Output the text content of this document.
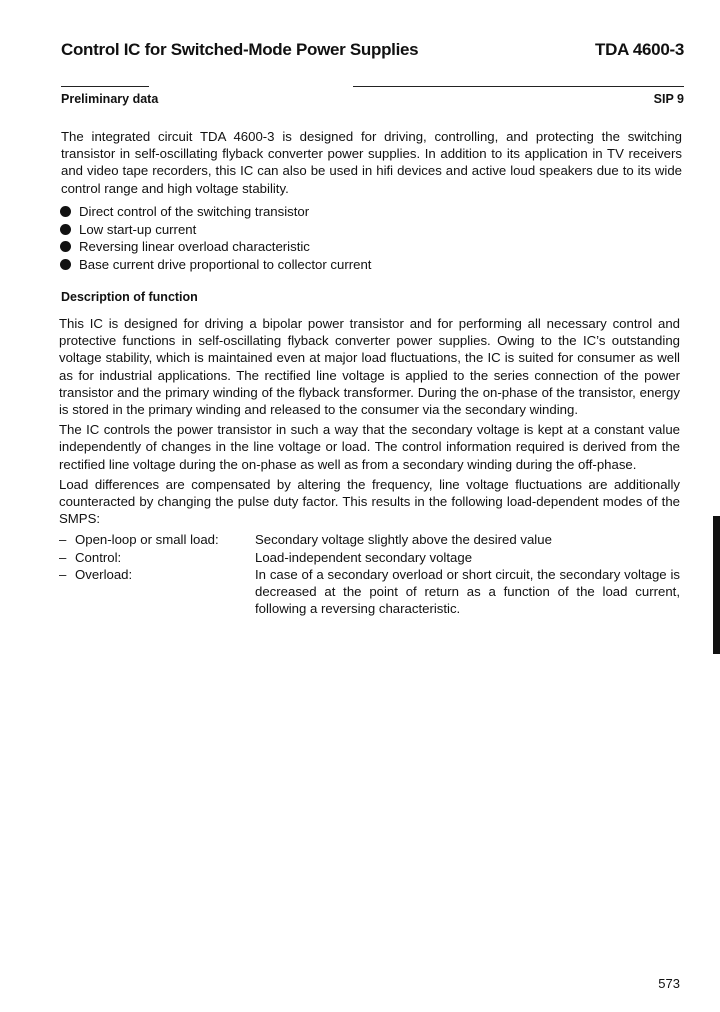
Control IC for Switched-Mode Power Supplies	TDA 4600-3
Preliminary data	SIP 9
The integrated circuit TDA 4600-3 is designed for driving, controlling, and protecting the switching transistor in self-oscillating flyback converter power supplies. In addition to its application in TV receivers and video tape recorders, this IC can also be used in hifi devices and active loud speakers due to its wide control range and high voltage stability.
Direct control of the switching transistor
Low start-up current
Reversing linear overload characteristic
Base current drive proportional to collector current
Description of function
This IC is designed for driving a bipolar power transistor and for performing all necessary control and protective functions in self-oscillating flyback converter power supplies. Owing to the IC’s outstanding voltage stability, which is maintained even at major load fluctuations, the IC is suited for consumer as well as for industrial applications. The rectified line voltage is applied to the series connection of the power transistor and the primary winding of the flyback transformer. During the on-phase of the transistor, energy is stored in the primary winding and released to the consumer via the secondary winding.
The IC controls the power transistor in such a way that the secondary voltage is kept at a constant value independently of changes in the line voltage or load. The control information required is derived from the rectified line voltage during the on-phase as well as from a secondary winding during the off-phase.
Load differences are compensated by altering the frequency, line voltage fluctuations are additionally counteracted by changing the pulse duty factor. This results in the following load-dependent modes of the SMPS:
– Open-loop or small load:	Secondary voltage slightly above the desired value
– Control:	Load-independent secondary voltage
– Overload:	In case of a secondary overload or short circuit, the secondary voltage is decreased at the point of return as a function of the load current, following a reversing characteristic.
573
